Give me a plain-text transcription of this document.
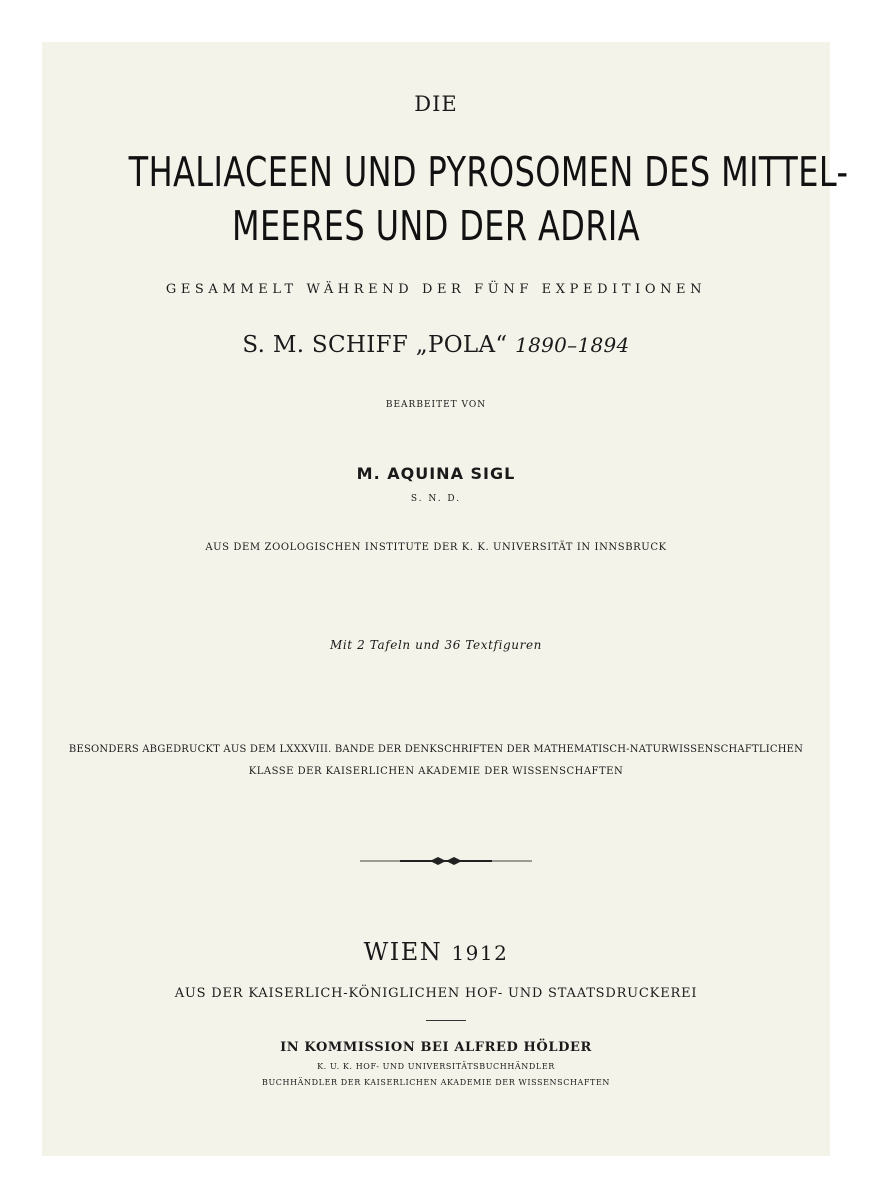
DIE
THALIACEEN UND PYROSOMEN DES MITTEL-
MEERES UND DER ADRIA
GESAMMELT WÄHREND DER FÜNF EXPEDITIONEN
S. M. SCHIFF „POLA“ 1890–1894
BEARBEITET VON
M. AQUINA SIGL
S. N. D.
AUS DEM ZOOLOGISCHEN INSTITUTE DER K. K. UNIVERSITÄT IN INNSBRUCK
Mit 2 Tafeln und 36 Textfiguren
BESONDERS ABGEDRUCKT AUS DEM LXXXVIII. BANDE DER DENKSCHRIFTEN DER MATHEMATISCH-NATURWISSENSCHAFTLICHEN
KLASSE DER KAISERLICHEN AKADEMIE DER WISSENSCHAFTEN
WIEN 1912
AUS DER KAISERLICH-KÖNIGLICHEN HOF- UND STAATSDRUCKEREI
IN KOMMISSION BEI ALFRED HÖLDER
K. U. K. HOF- UND UNIVERSITÄTSBUCHHÄNDLER
BUCHHÄNDLER DER KAISERLICHEN AKADEMIE DER WISSENSCHAFTEN
